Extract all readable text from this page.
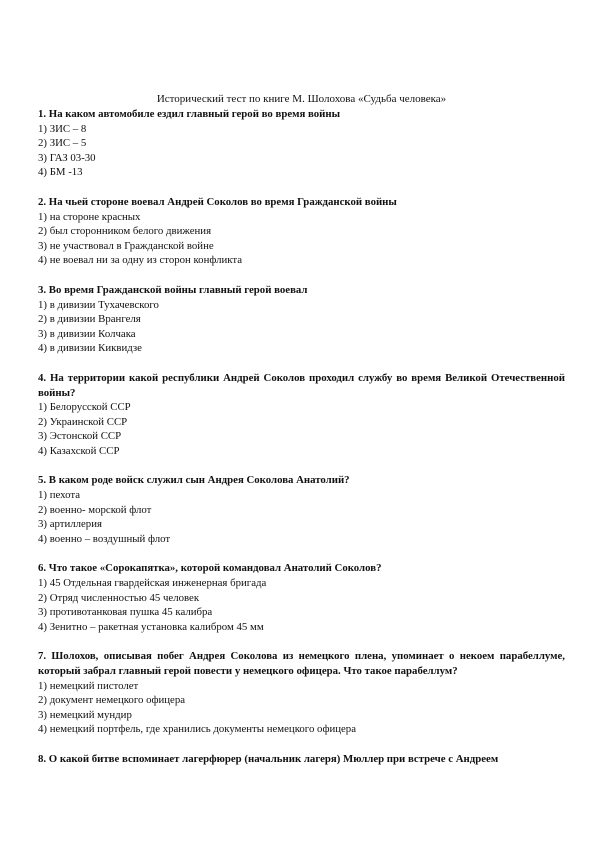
Исторический тест по книге М. Шолохова «Судьба человека»

1. На каком автомобиле ездил главный герой во время войны

1) ЗИС – 8

2) ЗИС – 5

3) ГАЗ 03-30

4) БМ -13

2. На чьей стороне воевал Андрей Соколов во время Гражданской войны

1) на стороне красных

2) был сторонником белого движения

3) не участвовал в Гражданской войне

4) не воевал ни за одну из сторон конфликта

3. Во время Гражданской войны главный герой воевал

1) в дивизии Тухачевского

2) в дивизии Врангеля

3) в дивизии Колчака

4) в дивизии Киквидзе

4. На территории какой республики Андрей Соколов проходил службу во время Великой Отечественной войны?

1) Белорусской ССР

2) Украинской ССР

3) Эстонской ССР

4) Казахской ССР

5. В каком роде войск служил сын Андрея Соколова Анатолий?

1) пехота

2) военно- морской флот

3) артиллерия

4) военно – воздушный флот

6. Что такое «Сорокапятка», которой командовал Анатолий Соколов?

1) 45 Отдельная гвардейская инженерная бригада

2) Отряд численностью 45 человек

3) противотанковая пушка 45 калибра

4) Зенитно – ракетная установка калибром 45 мм

7. Шолохов, описывая побег Андрея Соколова из немецкого плена, упоминает о некоем парабеллуме, который забрал главный герой повести у немецкого офицера. Что такое парабеллум?

1) немецкий пистолет

2) документ немецкого офицера

3) немецкий мундир

4) немецкий портфель, где хранились документы немецкого офицера

8. О какой битве вспоминает лагерфюрер (начальник лагеря) Мюллер при встрече с Андреем
